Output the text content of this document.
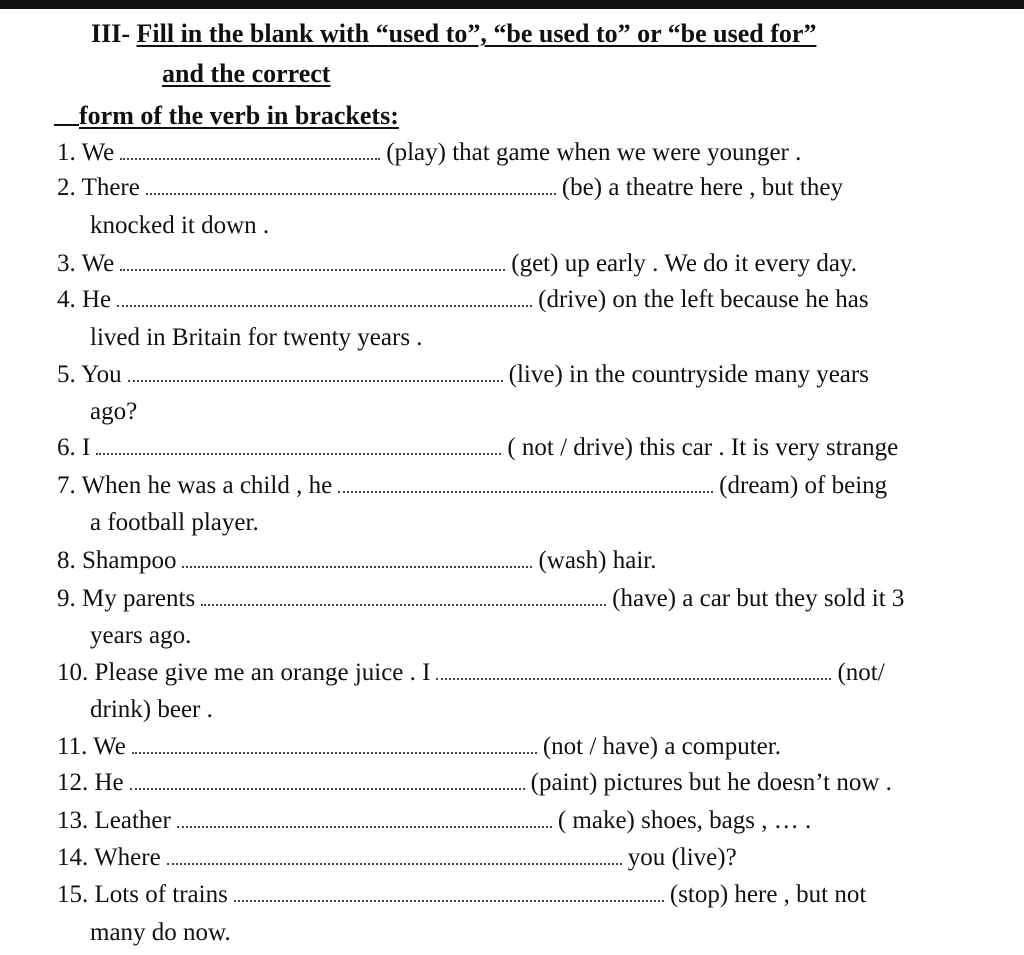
III- Fill in the blank with “used to”, “be used to” or “be used for”
and the correct
form of the verb in brackets:
1. We	(play) that game when we were younger .
2. There	(be) a theatre here , but they
knocked it down .
3. We	(get) up early . We do it every day.
4. He	(drive) on the left because he has
lived in Britain for twenty years .
5. You	(live) in the countryside many years
ago?
6. I	( not / drive) this car . It is very strange
7. When he was a child , he	(dream) of being
a football player.
8. Shampoo	(wash) hair.
9. My parents	(have) a car but they sold it 3
years ago.
10. Please give me an orange juice . I	(not/
drink) beer .
11. We	(not / have) a computer.
12. He	(paint) pictures but he doesn’t now .
13. Leather	( make) shoes, bags , … .
14. Where	you (live)?
15. Lots of trains	(stop) here , but not
many do now.
